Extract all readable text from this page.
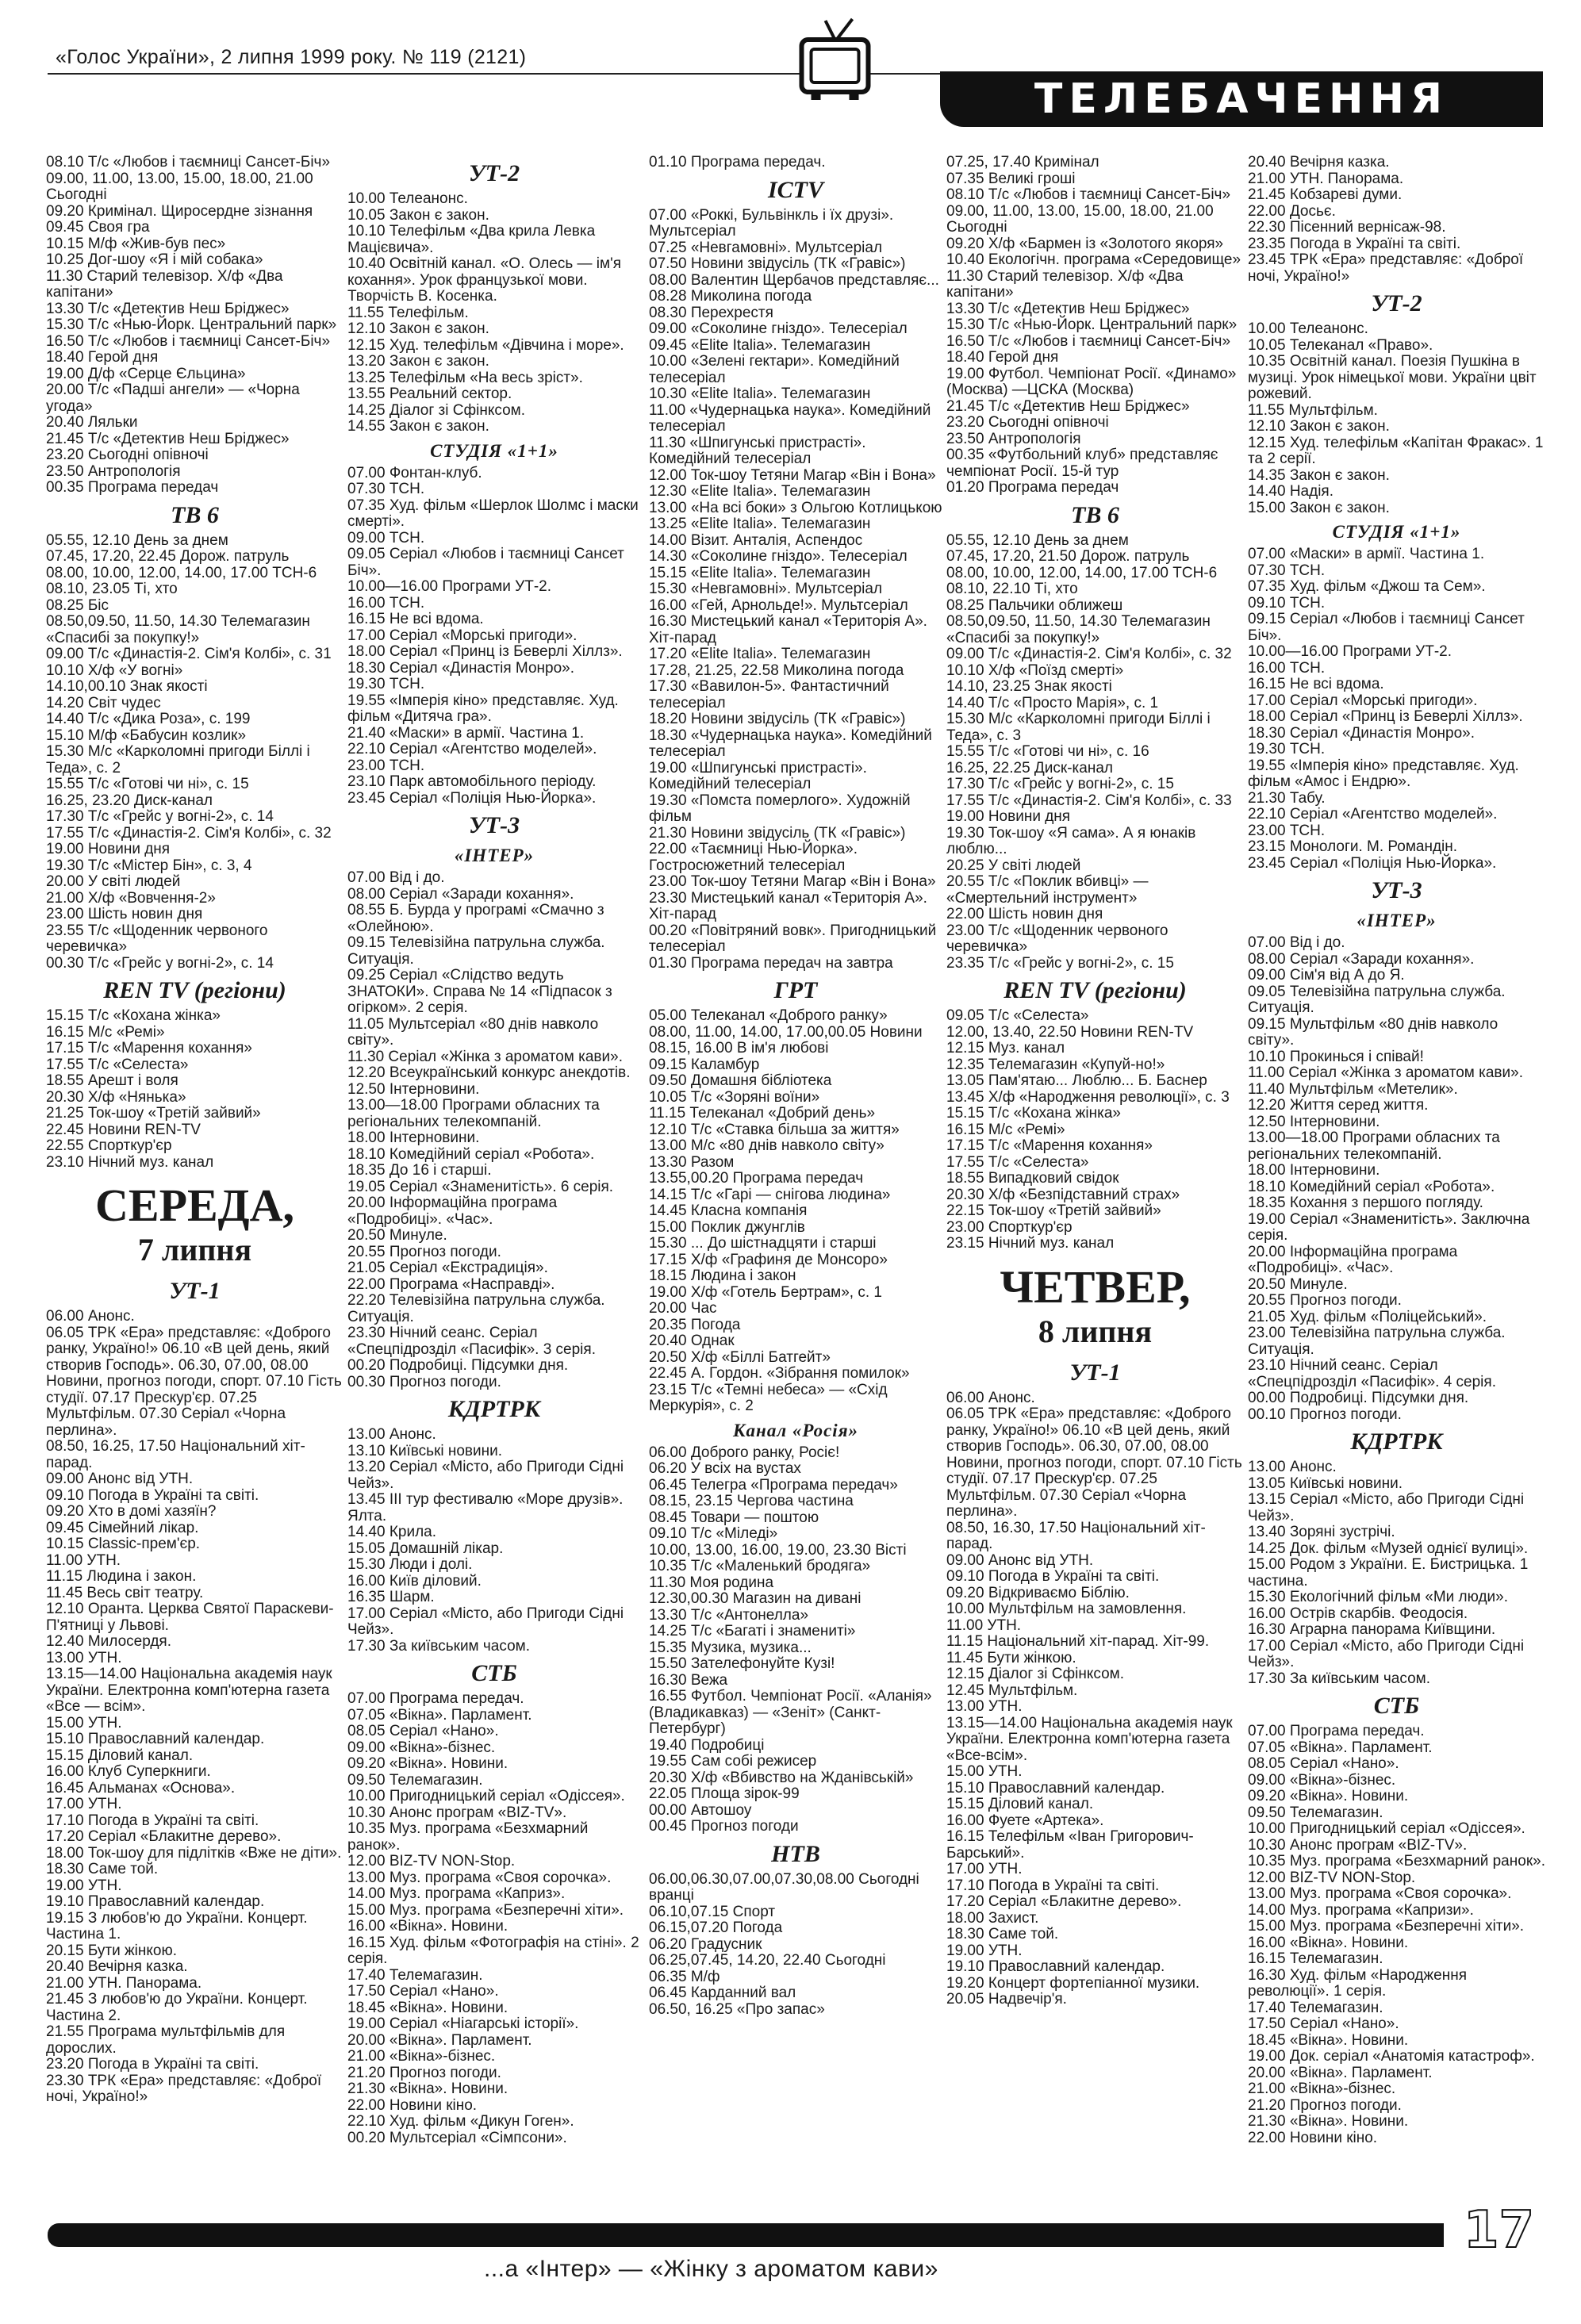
«Голос України», 2 липня 1999 року. № 119 (2121)
ТЕЛЕБАЧЕННЯ
08.10 Т/с «Любов і таємниці Сансет-Біч»
09.00, 11.00, 13.00, 15.00, 18.00, 21.00 Сьогодні
09.20 Кримінал. Щиросердне зізнання
09.45 Своя гра
10.15 М/ф «Жив-був пес»
10.25 Дог-шоу «Я і мій собака»
11.30 Старий телевізор. Х/ф «Два капітани»
13.30 Т/с «Детектив Неш Бріджес»
15.30 Т/с «Нью-Йорк. Центральний парк»
16.50 Т/с «Любов і таємниці Сансет-Біч»
18.40 Герой дня
19.00 Д/ф «Серце Єльцина»
20.00 Т/с «Падші ангели» — «Чорна угода»
20.40 Ляльки
21.45 Т/с «Детектив Неш Бріджес»
23.20 Сьогодні опівночі
23.50 Антропологія
00.35 Програма передач
ТВ 6
05.55, 12.10 День за днем
07.45, 17.20, 22.45 Дорож. патруль
08.00, 10.00, 12.00, 14.00, 17.00 ТСН-6
08.10, 23.05 Ті, хто
08.25 Біс
08.50,09.50, 11.50, 14.30 Телемагазин «Спасибі за покупку!»
09.00 Т/с «Династія-2. Сім'я Колбі», с. 31
10.10 Х/ф «У вогні»
14.10,00.10 Знак якості
14.20 Світ чудес
14.40 Т/с «Дика Роза», с. 199
15.10 М/ф «Бабусин козлик»
15.30 М/с «Карколомні пригоди Біллі і Теда», с. 2
15.55 Т/с «Готові чи ні», с. 15
16.25, 23.20 Диск-канал
17.30 Т/с «Грейс у вогні-2», с. 14
17.55 Т/с «Династія-2. Сім'я Колбі», с. 32
19.00 Новини дня
19.30 Т/с «Містер Бін», с. 3, 4
20.00 У світі людей
21.00 Х/ф «Вовчення-2»
23.00 Шість новин дня
23.55 Т/с «Щоденник червоного черевичка»
00.30 Т/с «Грейс у вогні-2», с. 14
REN TV (регіони)
15.15 Т/с «Кохана жінка»
16.15 М/с «Ремі»
17.15 Т/с «Марення кохання»
17.55 Т/с «Селеста»
18.55 Арешт і воля
20.30 Х/ф «Нянька»
21.25 Ток-шоу «Третій зайвий»
22.45 Новини REN-TV
22.55 Спорткур'єр
23.10 Нічний муз. канал
СЕРЕДА,
7 липня
УТ-1
06.00 Анонс.
06.05 ТРК «Ера» представляє: «Доброго ранку, Україно!» 06.10 «В цей день, який створив Господь». 06.30, 07.00, 08.00 Новини, прогноз погоди, спорт. 07.10 Гість студії. 07.17 Прескур'єр. 07.25 Мультфільм. 07.30 Серіал «Чорна перлина».
08.50, 16.25, 17.50 Національний хіт-парад.
09.00 Анонс від УТН.
09.10 Погода в Україні та світі.
09.20 Хто в домі хазяїн?
09.45 Сімейний лікар.
10.15 Classic-прем'єр.
11.00 УТН.
11.15 Людина і закон.
11.45 Весь світ театру.
12.10 Оранта. Церква Святої Параскеви-П'ятниці у Львові.
12.40 Милосердя.
13.00 УТН.
13.15—14.00 Національна академія наук України. Електронна комп'ютерна газета «Все — всім».
15.00 УТН.
15.10 Православний календар.
15.15 Діловий канал.
16.00 Клуб Суперкниги.
16.45 Альманах «Основа».
17.00 УТН.
17.10 Погода в Україні та світі.
17.20 Серіал «Блакитне дерево».
18.00 Ток-шоу для підлітків «Вже не діти».
18.30 Саме той.
19.00 УТН.
19.10 Православний календар.
19.15 З любов'ю до України. Концерт. Частина 1.
20.15 Бути жінкою.
20.40 Вечірня казка.
21.00 УТН. Панорама.
21.45 З любов'ю до України. Концерт. Частина 2.
21.55 Програма мультфільмів для дорослих.
23.20 Погода в Україні та світі.
23.30 ТРК «Ера» представляє: «Доброї ночі, Україно!»
УТ-2
10.00 Телеанонс.
10.05 Закон є закон.
10.10 Телефільм «Два крила Левка Мацієвича».
10.40 Освітній канал. «О. Олесь — ім'я кохання». Урок французької мови. Творчість В. Косенка.
11.55 Телефільм.
12.10 Закон є закон.
12.15 Худ. телефільм «Дівчина і море».
13.20 Закон є закон.
13.25 Телефільм «На весь зріст».
13.55 Реальний сектор.
14.25 Діалог зі Сфінксом.
14.55 Закон є закон.
СТУДІЯ «1+1»
07.00 Фонтан-клуб.
07.30 ТСН.
07.35 Худ. фільм «Шерлок Шолмс і маски смерті».
09.00 ТСН.
09.05 Серіал «Любов і таємниці Сансет Біч».
10.00—16.00 Програми УТ-2.
16.00 ТСН.
16.15 Не всі вдома.
17.00 Серіал «Морські пригоди».
18.00 Серіал «Принц із Беверлі Хіллз».
18.30 Серіал «Династія Монро».
19.30 ТСН.
19.55 «Імперія кіно» представляє. Худ. фільм «Дитяча гра».
21.40 «Маски» в армії. Частина 1.
22.10 Серіал «Агентство моделей».
23.00 ТСН.
23.10 Парк автомобільного періоду.
23.45 Серіал «Поліція Нью-Йорка».
УТ-3
«ІНТЕР»
07.00 Від і до.
08.00 Серіал «Заради кохання».
08.55 Б. Бурда у програмі «Смачно з «Олейною».
09.15 Телевізійна патрульна служба. Ситуація.
09.25 Серіал «Слідство ведуть ЗНАТОКИ». Справа № 14 «Підпасок з огірком». 2 серія.
11.05 Мультсеріал «80 днів навколо світу».
11.30 Серіал «Жінка з ароматом кави».
12.20 Всеукраїнський конкурс анекдотів.
12.50 Інтерновини.
13.00—18.00 Програми обласних та регіональних телекомпаній.
18.00 Інтерновини.
18.10 Комедійний серіал «Робота».
18.35 До 16 і старші.
19.05 Серіал «Знаменитість». 6 серія.
20.00 Інформаційна програма «Подробиці». «Час».
20.50 Минуле.
20.55 Прогноз погоди.
21.05 Серіал «Екстрадиція».
22.00 Програма «Насправді».
22.20 Телевізійна патрульна служба. Ситуація.
23.30 Нічний сеанс. Серіал «Спецпідрозділ «Пасифік». 3 серія.
00.20 Подробиці. Підсумки дня.
00.30 Прогноз погоди.
КДРТРК
13.00 Анонс.
13.10 Київські новини.
13.20 Серіал «Місто, або Пригоди Сідні Чейз».
13.45 III тур фестивалю «Море друзів». Ялта.
14.40 Крила.
15.05 Домашній лікар.
15.30 Люди і долі.
16.00 Київ діловий.
16.35 Шарм.
17.00 Серіал «Місто, або Пригоди Сідні Чейз».
17.30 За київським часом.
СТБ
07.00 Програма передач.
07.05 «Вікна». Парламент.
08.05 Серіал «Нано».
09.00 «Вікна»-бізнес.
09.20 «Вікна». Новини.
09.50 Телемагазин.
10.00 Пригодницький серіал «Одіссея».
10.30 Анонс програм «BIZ-TV».
10.35 Муз. програма «Безхмарний ранок».
12.00 BIZ-TV NON-Stop.
13.00 Муз. програма «Своя сорочка».
14.00 Муз. програма «Каприз».
15.00 Муз. програма «Безперечні хіти».
16.00 «Вікна». Новини.
16.15 Худ. фільм «Фотографія на стіні». 2 серія.
17.40 Телемагазин.
17.50 Серіал «Нано».
18.45 «Вікна». Новини.
19.00 Серіал «Ніагарські історії».
20.00 «Вікна». Парламент.
21.00 «Вікна»-бізнес.
21.20 Прогноз погоди.
21.30 «Вікна». Новини.
22.00 Новини кіно.
22.10 Худ. фільм «Дикун Гоген».
00.20 Мультсеріал «Сімпсони».
01.10 Програма передач.
ICTV
07.00 «Роккі, Бульвінкль і їх друзі». Мультсеріал
07.25 «Невгамовні». Мультсеріал
07.50 Новини звідусіль (ТК «Гравіс»)
08.00 Валентин Щербачов представляє...
08.28 Миколина погода
08.30 Перехрестя
09.00 «Соколине гніздо». Телесеріал
09.45 «Elite Italia». Телемагазин
10.00 «Зелені гектари». Комедійний телесеріал
10.30 «Elite Italia». Телемагазин
11.00 «Чудернацька наука». Комедійний телесеріал
11.30 «Шпигунські пристрасті». Комедійний телесеріал
12.00 Ток-шоу Тетяни Магар «Він і Вона»
12.30 «Elite Italia». Телемагазин
13.00 «На всі боки» з Ольгою Котлицькою
13.25 «Elite Italia». Телемагазин
14.00 Візит. Анталія, Аспендос
14.30 «Соколине гніздо». Телесеріал
15.15 «Elite Italia». Телемагазин
15.30 «Невгамовні». Мультсеріал
16.00 «Гей, Арнольде!». Мультсеріал
16.30 Мистецький канал «Територія А». Хіт-парад
17.20 «Elite Italia». Телемагазин
17.28, 21.25, 22.58 Миколина погода
17.30 «Вавилон-5». Фантастичний телесеріал
18.20 Новини звідусіль (ТК «Гравіс»)
18.30 «Чудернацька наука». Комедійний телесеріал
19.00 «Шпигунські пристрасті». Комедійний телесеріал
19.30 «Помста померлого». Художній фільм
21.30 Новини звідусіль (ТК «Гравіс»)
22.00 «Таємниці Нью-Йорка». Гостросюжетний телесеріал
23.00 Ток-шоу Тетяни Магар «Він і Вона»
23.30 Мистецький канал «Територія А». Хіт-парад
00.20 «Повітряний вовк». Пригодницький телесеріал
01.30 Програма передач на завтра
ГРТ
05.00 Телеканал «Доброго ранку»
08.00, 11.00, 14.00, 17.00,00.05 Новини
08.15, 16.00 В ім'я любові
09.15 Каламбур
09.50 Домашня бібліотека
10.05 Т/с «Зоряні воїни»
11.15 Телеканал «Добрий день»
12.10 Т/с «Ставка більша за життя»
13.00 М/с «80 днів навколо світу»
13.30 Разом
13.55,00.20 Програма передач
14.15 Т/с «Гарі — снігова людина»
14.45 Класна компанія
15.00 Поклик джунглів
15.30 ... До шістнадцяти і старші
17.15 Х/ф «Графиня де Монсоро»
18.15 Людина і закон
19.00 Х/ф «Готель Бертрам», с. 1
20.00 Час
20.35 Погода
20.40 Однак
20.50 Х/ф «Біллі Батгейт»
22.45 А. Гордон. «Зібрання помилок»
23.15 Т/с «Темні небеса» — «Схід Меркурія», с. 2
Канал «Росія»
06.00 Доброго ранку, Росіє!
06.20 У всіх на вустах
06.45 Телегра «Програма передач»
08.15, 23.15 Чергова частина
08.45 Товари — поштою
09.10 Т/с «Міледі»
10.00, 13.00, 16.00, 19.00, 23.30 Вісті
10.35 Т/с «Маленький бродяга»
11.30 Моя родина
12.30,00.30 Магазин на дивані
13.30 Т/с «Антонелла»
14.25 Т/с «Багаті і знамениті»
15.35 Музика, музика...
15.50 Зателефонуйте Кузі!
16.30 Вежа
16.55 Футбол. Чемпіонат Росії. «Аланія» (Владикавказ) — «Зеніт» (Санкт-Петербург)
19.40 Подробиці
19.55 Сам собі режисер
20.30 Х/ф «Вбивство на Жданівській»
22.05 Площа зірок-99
00.00 Автошоу
00.45 Прогноз погоди
НТВ
06.00,06.30,07.00,07.30,08.00 Сьогодні вранці
06.10,07.15 Спорт
06.15,07.20 Погода
06.20 Градусник
06.25,07.45, 14.20, 22.40 Сьогодні
06.35 М/ф
06.45 Карданний вал
06.50, 16.25 «Про запас»
07.25, 17.40 Кримінал
07.35 Великі гроші
08.10 Т/с «Любов і таємниці Сансет-Біч»
09.00, 11.00, 13.00, 15.00, 18.00, 21.00 Сьогодні
09.20 Х/ф «Бармен із «Золотого якоря»
10.40 Екологічн. програма «Середовище»
11.30 Старий телевізор. Х/ф «Два капітани»
13.30 Т/с «Детектив Неш Бріджес»
15.30 Т/с «Нью-Йорк. Центральний парк»
16.50 Т/с «Любов і таємниці Сансет-Біч»
18.40 Герой дня
19.00 Футбол. Чемпіонат Росії. «Динамо» (Москва) —ЦСКА (Москва)
21.45 Т/с «Детектив Неш Бріджес»
23.20 Сьогодні опівночі
23.50 Антропологія
00.35 «Футбольний клуб» представляє чемпіонат Росії. 15-й тур
01.20 Програма передач
ТВ 6
05.55, 12.10 День за днем
07.45, 17.20, 21.50 Дорож. патруль
08.00, 10.00, 12.00, 14.00, 17.00 ТСН-6
08.10, 22.10 Ті, хто
08.25 Пальчики оближеш
08.50,09.50, 11.50, 14.30 Телемагазин «Спасибі за покупку!»
09.00 Т/с «Династія-2. Сім'я Колбі», с. 32
10.10 Х/ф «Поїзд смерті»
14.10, 23.25 Знак якості
14.40 Т/с «Просто Марія», с. 1
15.30 М/с «Карколомні пригоди Біллі і Теда», с. 3
15.55 Т/с «Готові чи ні», с. 16
16.25, 22.25 Диск-канал
17.30 Т/с «Грейс у вогні-2», с. 15
17.55 Т/с «Династія-2. Сім'я Колбі», с. 33
19.00 Новини дня
19.30 Ток-шоу «Я сама». А я юнаків люблю...
20.25 У світі людей
20.55 Т/с «Поклик вбивці» — «Смертельний інструмент»
22.00 Шість новин дня
23.00 Т/с «Щоденник червоного черевичка»
23.35 Т/с «Грейс у вогні-2», с. 15
REN TV (регіони)
09.05 Т/с «Селеста»
12.00, 13.40, 22.50 Новини REN-TV
12.15 Муз. канал
12.35 Телемагазин «Купуй-но!»
13.05 Пам'ятаю... Люблю... Б. Баснер
13.45 Х/ф «Народження революції», с. 3
15.15 Т/с «Кохана жінка»
16.15 М/с «Ремі»
17.15 Т/с «Марення кохання»
17.55 Т/с «Селеста»
18.55 Випадковий свідок
20.30 Х/ф «Безпідставний страх»
22.15 Ток-шоу «Третій зайвий»
23.00 Спорткур'єр
23.15 Нічний муз. канал
ЧЕТВЕР,
8 липня
УТ-1
06.00 Анонс.
06.05 ТРК «Ера» представляє: «Доброго ранку, Україно!» 06.10 «В цей день, який створив Господь». 06.30, 07.00, 08.00 Новини, прогноз погоди, спорт. 07.10 Гість студії. 07.17 Прескур'єр. 07.25 Мультфільм. 07.30 Серіал «Чорна перлина».
08.50, 16.30, 17.50 Національний хіт-парад.
09.00 Анонс від УТН.
09.10 Погода в Україні та світі.
09.20 Відкриваємо Біблію.
10.00 Мультфільм на замовлення.
11.00 УТН.
11.15 Національний хіт-парад. Хіт-99.
11.45 Бути жінкою.
12.15 Діалог зі Сфінксом.
12.45 Мультфільм.
13.00 УТН.
13.15—14.00 Національна академія наук України. Електронна комп'ютерна газета «Все-всім».
15.00 УТН.
15.10 Православний календар.
15.15 Діловий канал.
16.00 Фуете «Артека».
16.15 Телефільм «Іван Григорович-Барський».
17.00 УТН.
17.10 Погода в Україні та світі.
17.20 Серіал «Блакитне дерево».
18.00 Захист.
18.30 Саме той.
19.00 УТН.
19.10 Православний календар.
19.20 Концерт фортепіанної музики.
20.05 Надвечір'я.
20.40 Вечірня казка.
21.00 УТН. Панорама.
21.45 Кобзареві думи.
22.00 Досьє.
22.30 Пісенний вернісаж-98.
23.35 Погода в Україні та світі.
23.45 ТРК «Ера» представляє: «Доброї ночі, Україно!»
УТ-2
10.00 Телеанонс.
10.05 Телеканал «Право».
10.35 Освітній канал. Поезія Пушкіна в музиці. Урок німецької мови. України цвіт рожевий.
11.55 Мультфільм.
12.10 Закон є закон.
12.15 Худ. телефільм «Капітан Фракас». 1 та 2 серії.
14.35 Закон є закон.
14.40 Надія.
15.00 Закон є закон.
СТУДІЯ «1+1»
07.00 «Маски» в армії. Частина 1.
07.30 ТСН.
07.35 Худ. фільм «Джош та Сем».
09.10 ТСН.
09.15 Серіал «Любов і таємниці Сансет Біч».
10.00—16.00 Програми УТ-2.
16.00 ТСН.
16.15 Не всі вдома.
17.00 Серіал «Морські пригоди».
18.00 Серіал «Принц із Беверлі Хіллз».
18.30 Серіал «Династія Монро».
19.30 ТСН.
19.55 «Імперія кіно» представляє. Худ. фільм «Амос і Ендрю».
21.30 Табу.
22.10 Серіал «Агентство моделей».
23.00 ТСН.
23.15 Монологи. М. Романдін.
23.45 Серіал «Поліція Нью-Йорка».
УТ-3
«ІНТЕР»
07.00 Від і до.
08.00 Серіал «Заради кохання».
09.00 Сім'я від А до Я.
09.05 Телевізійна патрульна служба. Ситуація.
09.15 Мультфільм «80 днів навколо світу».
10.10 Прокинься і співай!
11.00 Серіал «Жінка з ароматом кави».
11.40 Мультфільм «Метелик».
12.20 Життя серед життя.
12.50 Інтерновини.
13.00—18.00 Програми обласних та регіональних телекомпаній.
18.00 Інтерновини.
18.10 Комедійний серіал «Робота».
18.35 Кохання з першого погляду.
19.00 Серіал «Знаменитість». Заключна серія.
20.00 Інформаційна програма «Подробиці». «Час».
20.50 Минуле.
20.55 Прогноз погоди.
21.05 Худ. фільм «Поліцейський».
23.00 Телевізійна патрульна служба. Ситуація.
23.10 Нічний сеанс. Серіал «Спецпідрозділ «Пасифік». 4 серія.
00.00 Подробиці. Підсумки дня.
00.10 Прогноз погоди.
КДРТРК
13.00 Анонс.
13.05 Київські новини.
13.15 Серіал «Місто, або Пригоди Сідні Чейз».
13.40 Зоряні зустрічі.
14.25 Док. фільм «Музей однієї вулиці».
15.00 Родом з України. Е. Бистрицька. 1 частина.
15.30 Екологічний фільм «Ми люди».
16.00 Острів скарбів. Феодосія.
16.30 Аграрна панорама Київщини.
17.00 Серіал «Місто, або Пригоди Сідні Чейз».
17.30 За київським часом.
СТБ
07.00 Програма передач.
07.05 «Вікна». Парламент.
08.05 Серіал «Нано».
09.00 «Вікна»-бізнес.
09.20 «Вікна». Новини.
09.50 Телемагазин.
10.00 Пригодницький серіал «Одіссея».
10.30 Анонс програм «BIZ-TV».
10.35 Муз. програма «Безхмарний ранок».
12.00 BIZ-TV NON-Stop.
13.00 Муз. програма «Своя сорочка».
14.00 Муз. програма «Капризи».
15.00 Муз. програма «Безперечні хіти».
16.00 «Вікна». Новини.
16.15 Телемагазин.
16.30 Худ. фільм «Народження революції». 1 серія.
17.40 Телемагазин.
17.50 Серіал «Нано».
18.45 «Вікна». Новини.
19.00 Док. серіал «Анатомія катастроф».
20.00 «Вікна». Парламент.
21.00 «Вікна»-бізнес.
21.20 Прогноз погоди.
21.30 «Вікна». Новини.
22.00 Новини кіно.
...а «Інтер» — «Жінку з ароматом кави»
17
